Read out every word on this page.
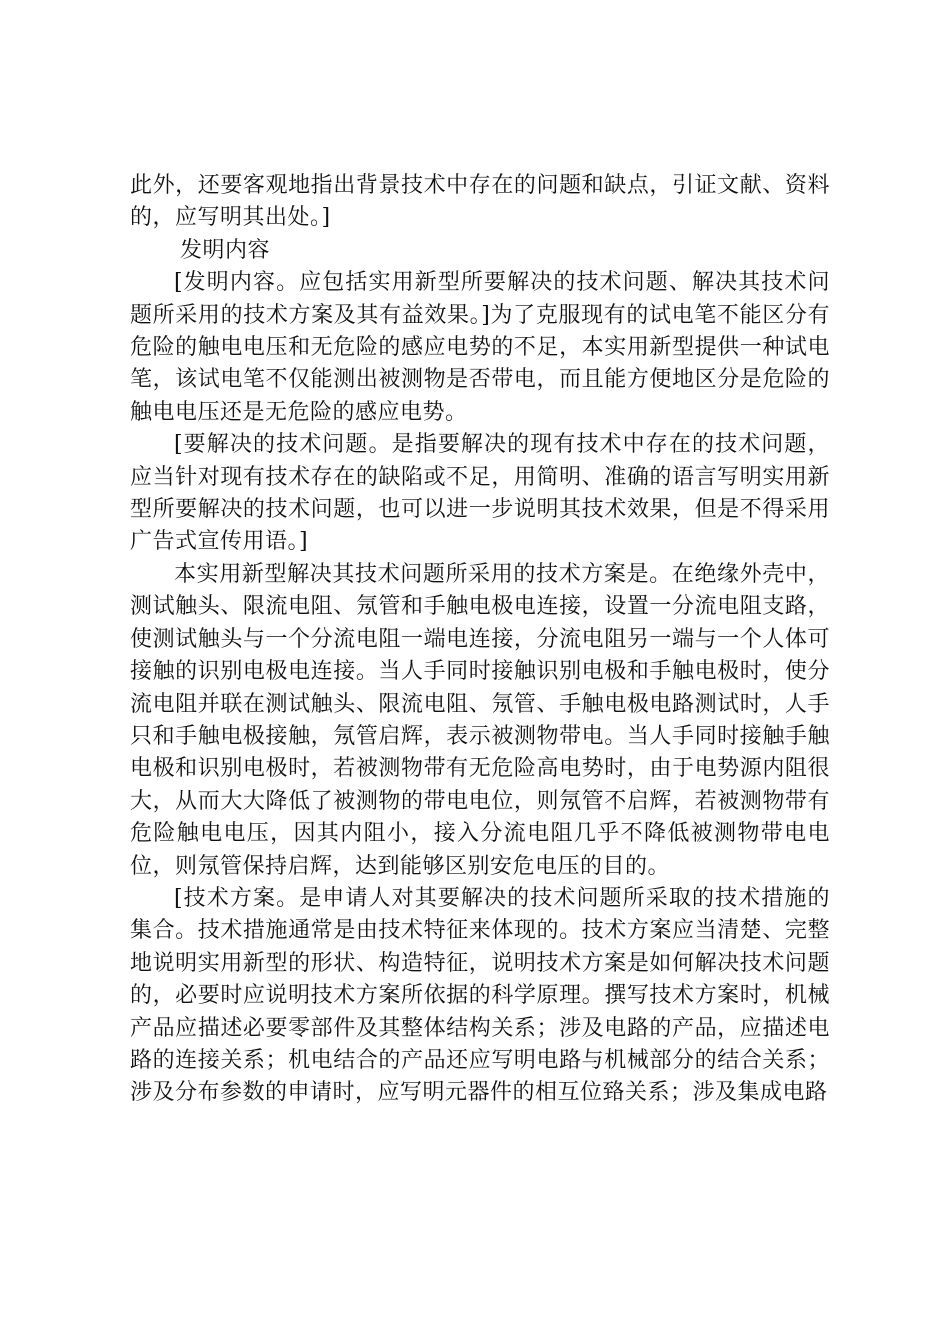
此外，还要客观地指出背景技术中存在的问题和缺点，引证文献、资料的，应写明其出处。]

发明内容

[发明内容。应包括实用新型所要解决的技术问题、解决其技术问题所采用的技术方案及其有益效果。]为了克服现有的试电笔不能区分有危险的触电电压和无危险的感应电势的不足，本实用新型提供一种试电笔，该试电笔不仅能测出被测物是否带电，而且能方便地区分是危险的触电电压还是无危险的感应电势。

[要解决的技术问题。是指要解决的现有技术中存在的技术问题，应当针对现有技术存在的缺陷或不足，用简明、准确的语言写明实用新型所要解决的技术问题，也可以进一步说明其技术效果，但是不得采用广告式宣传用语。]

本实用新型解决其技术问题所采用的技术方案是。在绝缘外壳中，测试触头、限流电阻、氖管和手触电极电连接，设置一分流电阻支路，使测试触头与一个分流电阻一端电连接，分流电阻另一端与一个人体可接触的识别电极电连接。当人手同时接触识别电极和手触电极时，使分流电阻并联在测试触头、限流电阻、氖管、手触电极电路测试时，人手只和手触电极接触，氖管启辉，表示被测物带电。当人手同时接触手触电极和识别电极时，若被测物带有无危险高电势时，由于电势源内阻很大，从而大大降低了被测物的带电电位，则氖管不启辉，若被测物带有危险触电电压，因其内阻小，接入分流电阻几乎不降低被测物带电电位，则氖管保持启辉，达到能够区别安危电压的目的。

[技术方案。是申请人对其要解决的技术问题所采取的技术措施的集合。技术措施通常是由技术特征来体现的。技术方案应当清楚、完整地说明实用新型的形状、构造特征，说明技术方案是如何解决技术问题的，必要时应说明技术方案所依据的科学原理。撰写技术方案时，机械产品应描述必要零部件及其整体结构关系；涉及电路的产品，应描述电路的连接关系；机电结合的产品还应写明电路与机械部分的结合关系；涉及分布参数的申请时，应写明元器件的相互位臵关系；涉及集成电路
